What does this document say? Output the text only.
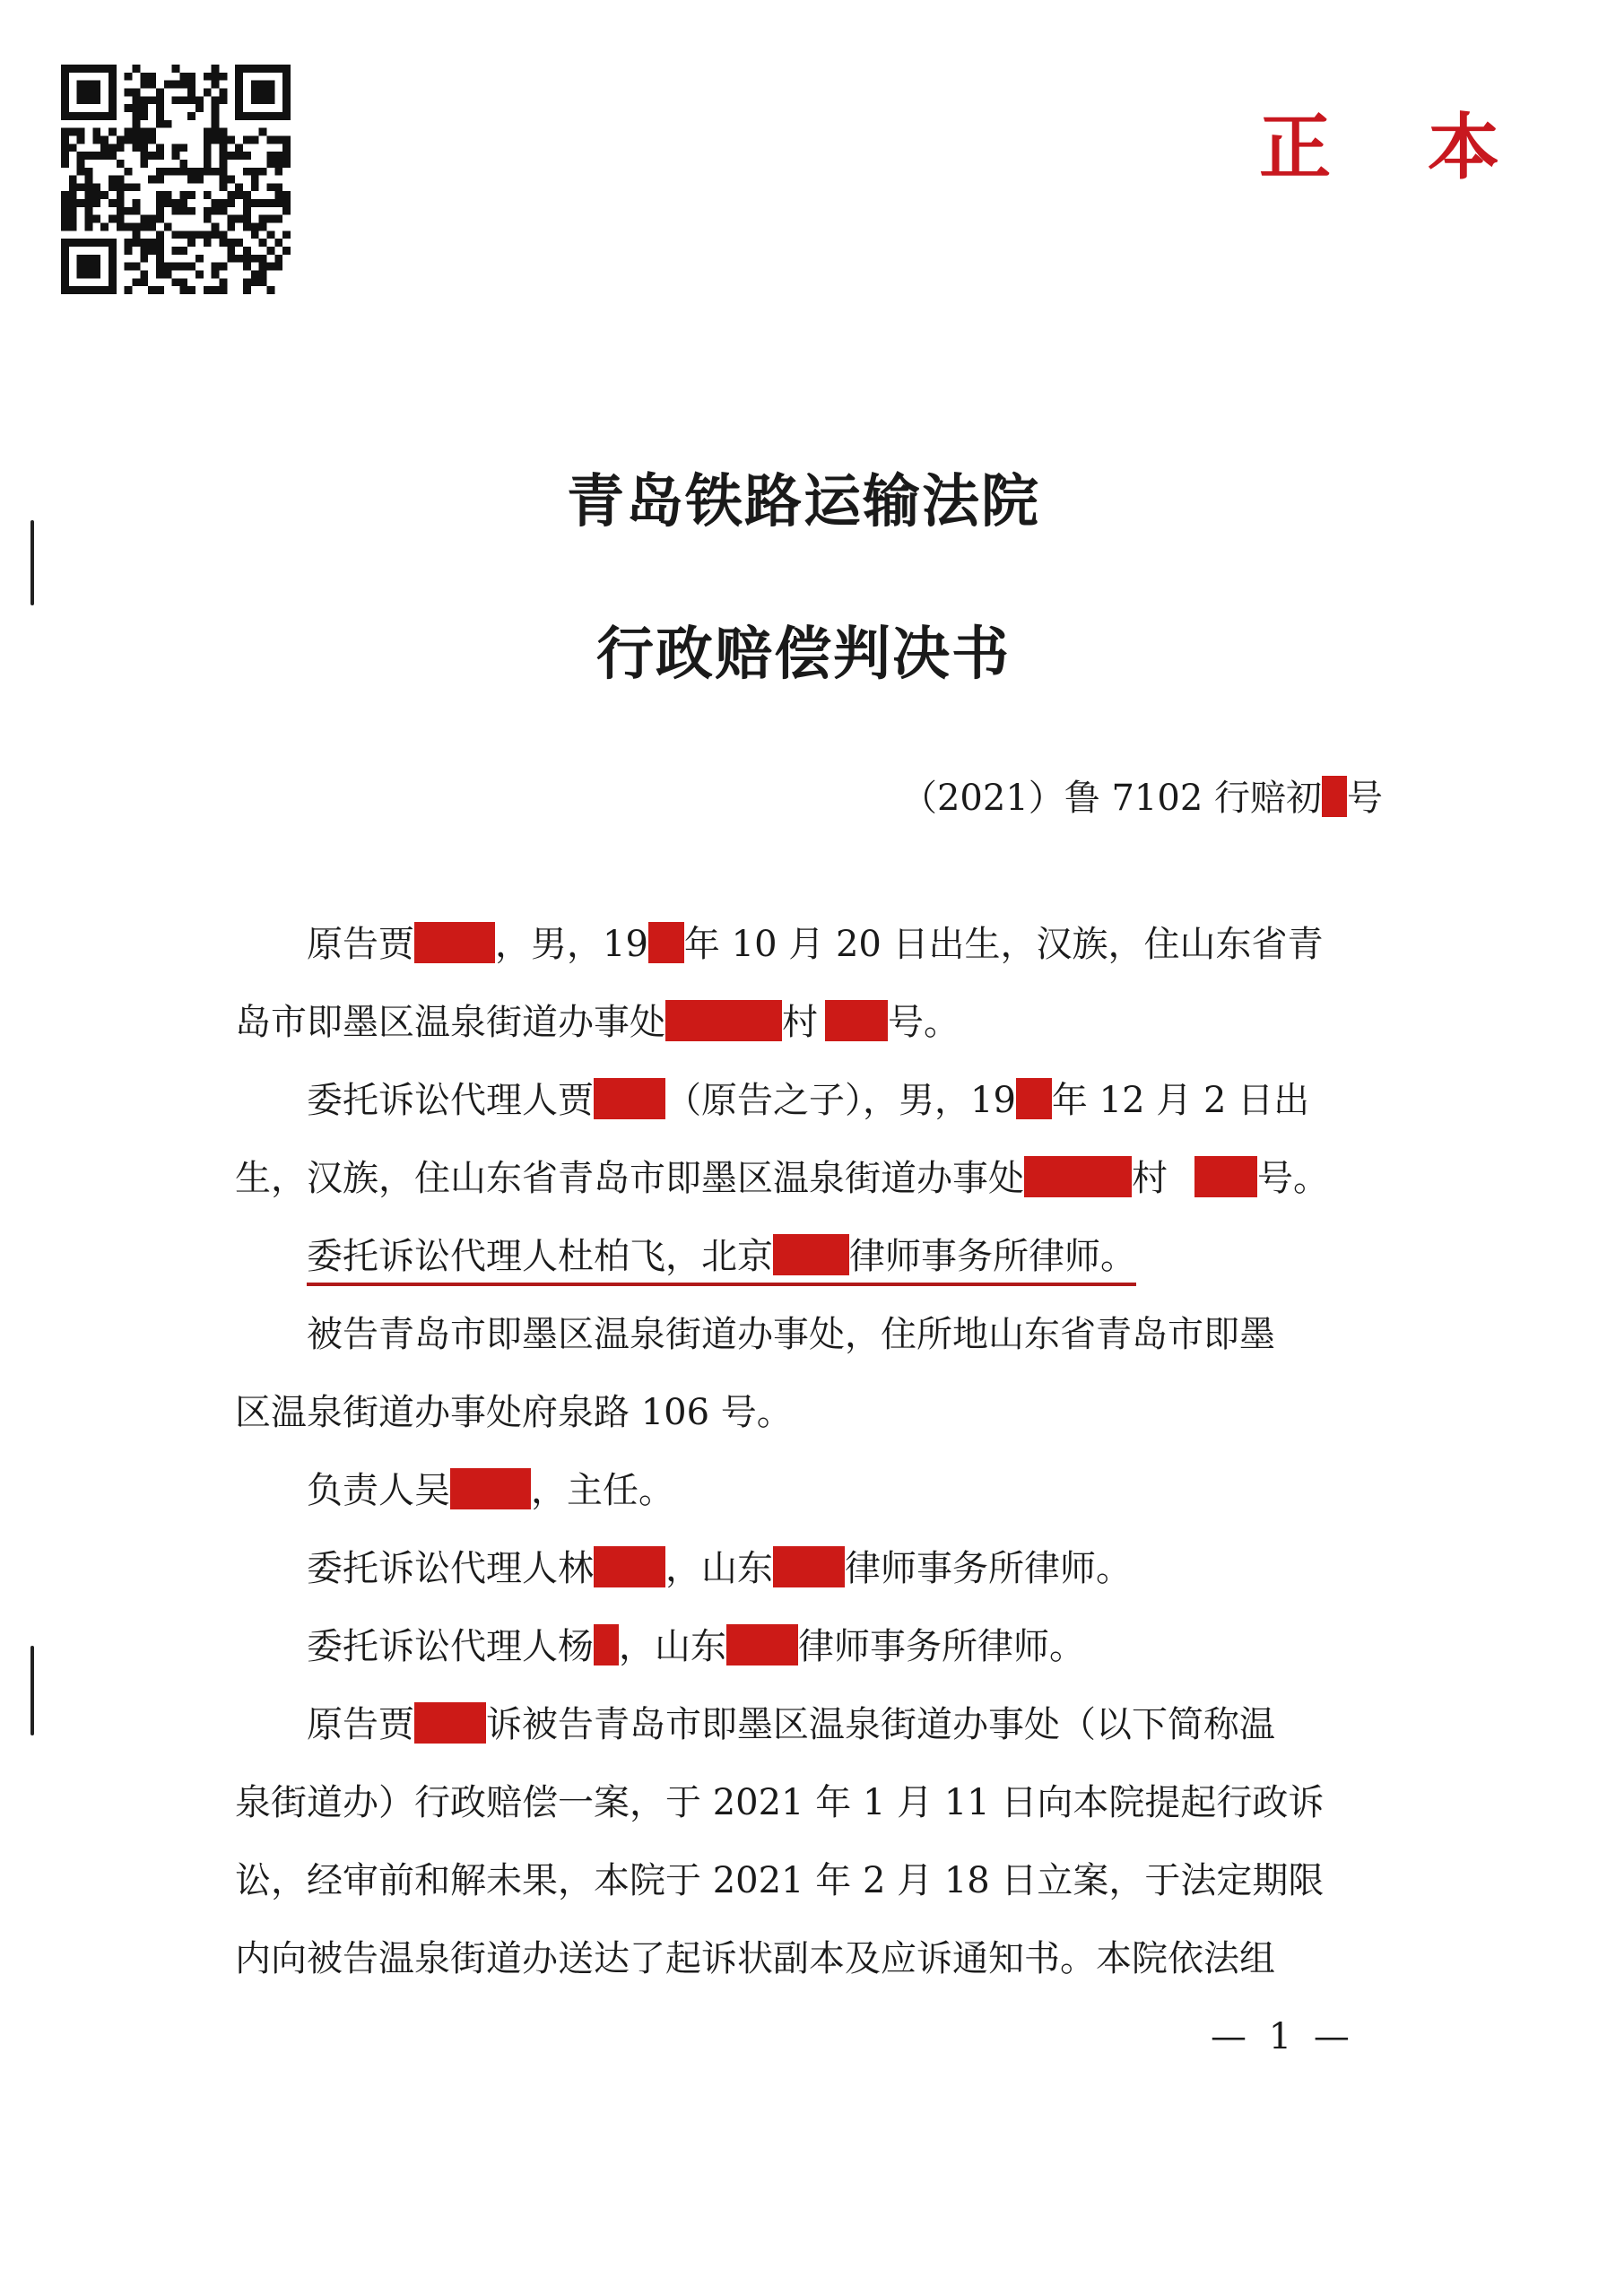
正 本
青岛铁路运输法院
行政赔偿判决书
（2021）鲁 7102 行赔初 号
原告贾 ，男，19 年 10 月 20 日出生，汉族，住山东省青
岛市即墨区温泉街道办事处	村 号。
委托诉讼代理人贾 （原告之子），男，19 年 12 月 2 日出
生，汉族，住山东省青岛市即墨区温泉街道办事处	村	号。
委托诉讼代理人杜柏飞，北京 律师事务所律师。
被告青岛市即墨区温泉街道办事处，住所地山东省青岛市即墨
区温泉街道办事处府泉路 106 号。
负责人吴 ，主任。
委托诉讼代理人林 ，山东 律师事务所律师。
委托诉讼代理人杨 ，山东 律师事务所律师。
原告贾 诉被告青岛市即墨区温泉街道办事处（以下简称温
泉街道办）行政赔偿一案，于 2021 年 1 月 11 日向本院提起行政诉
讼，经审前和解未果，本院于 2021 年 2 月 18 日立案，于法定期限
内向被告温泉街道办送达了起诉状副本及应诉通知书。本院依法组
— 1 —
